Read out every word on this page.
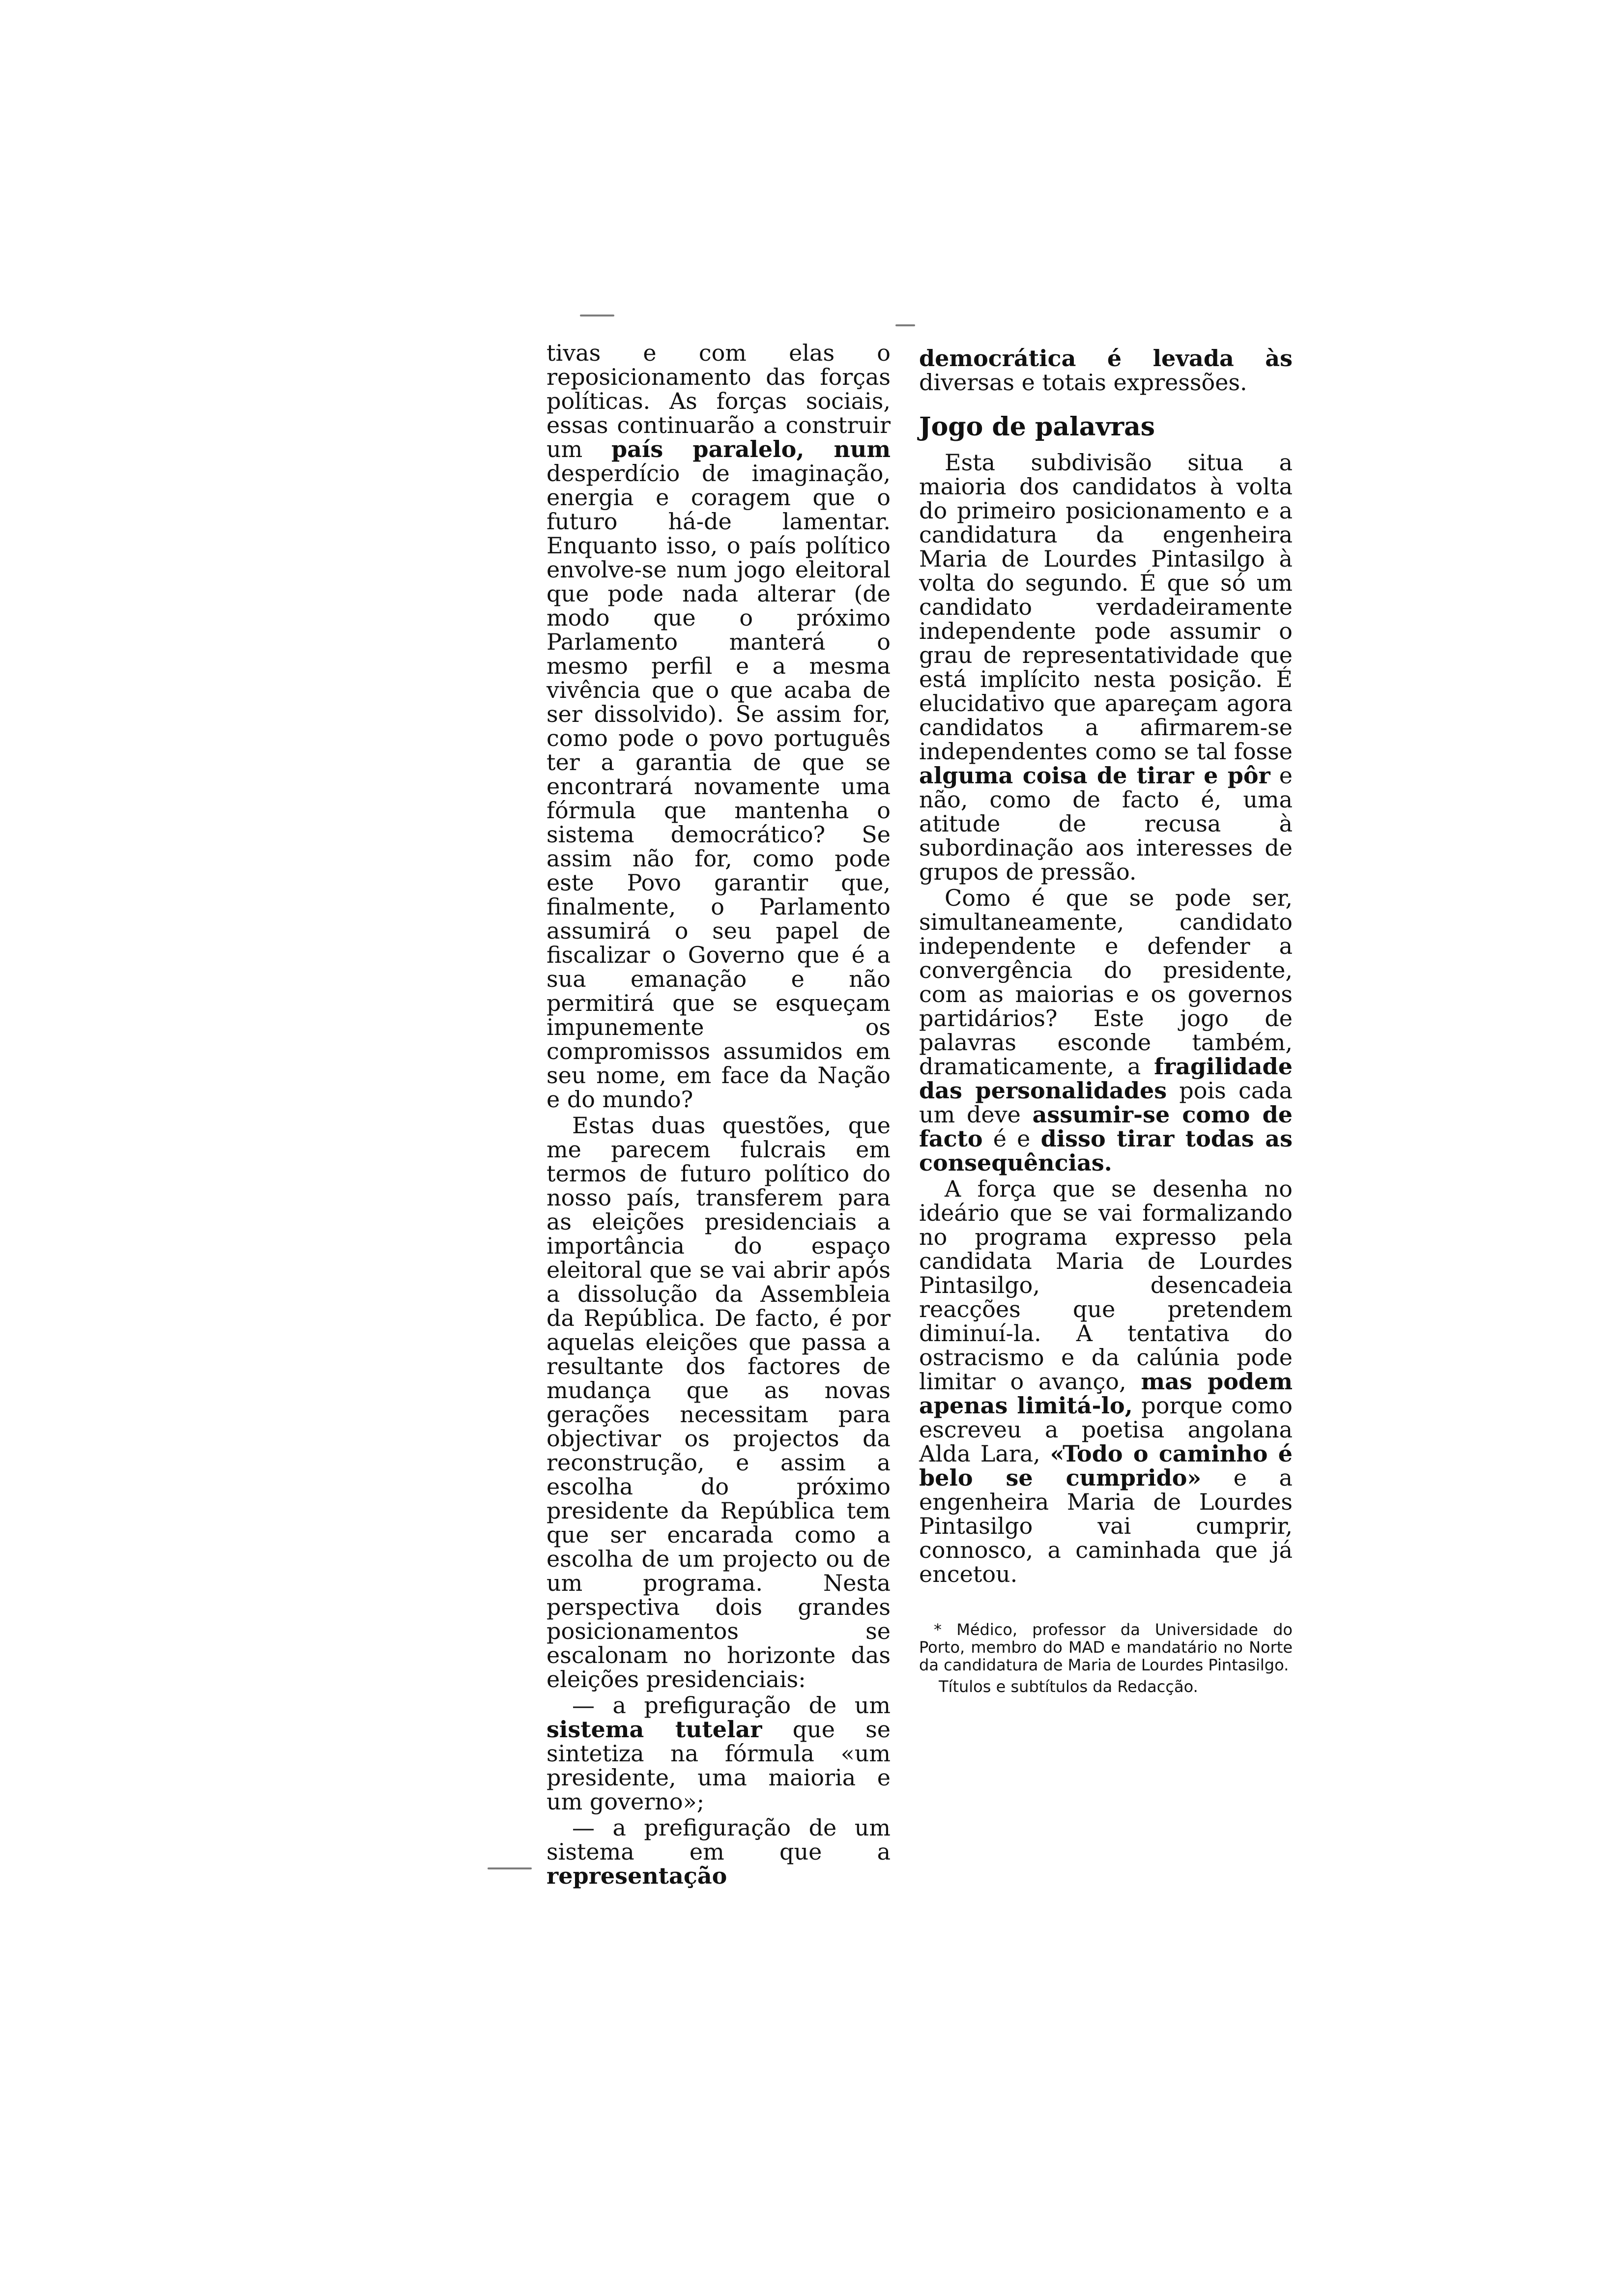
tivas e com elas o reposicionamento das forças políticas. As forças sociais, essas continuarão a construir um país paralelo, num desperdício de imaginação, energia e coragem que o futuro há-de lamentar. Enquanto isso, o país político envolve-se num jogo eleitoral que pode nada alterar (de modo que o próximo Parlamento manterá o mesmo perfil e a mesma vivência que o que acaba de ser dissolvido). Se assim for, como pode o povo português ter a garantia de que se encontrará novamente uma fórmula que mantenha o sistema democrático? Se assim não for, como pode este Povo garantir que, finalmente, o Parlamento assumirá o seu papel de fiscalizar o Governo que é a sua emanação e não permitirá que se esqueçam impunemente os compromissos assumidos em seu nome, em face da Nação e do mundo?

Estas duas questões, que me parecem fulcrais em termos de futuro político do nosso país, transferem para as eleições presidenciais a importância do espaço eleitoral que se vai abrir após a dissolução da Assembleia da República. De facto, é por aquelas eleições que passa a resultante dos factores de mudança que as novas gerações necessitam para objectivar os projectos da reconstrução, e assim a escolha do próximo presidente da República tem que ser encarada como a escolha de um projecto ou de um programa. Nesta perspectiva dois grandes posicionamentos se escalonam no horizonte das eleições presidenciais:

— a prefiguração de um sistema tutelar que se sintetiza na fórmula «um presidente, uma maioria e um governo»;

— a prefiguração de um sistema em que a representação

democrática é levada às diversas e totais expressões.

Jogo de palavras

Esta subdivisão situa a maioria dos candidatos à volta do primeiro posicionamento e a candidatura da engenheira Maria de Lourdes Pintasilgo à volta do segundo. É que só um candidato verdadeiramente independente pode assumir o grau de representatividade que está implícito nesta posição. É elucidativo que apareçam agora candidatos a afirmarem-se independentes como se tal fosse alguma coisa de tirar e pôr e não, como de facto é, uma atitude de recusa à subordinação aos interesses de grupos de pressão.

Como é que se pode ser, simultaneamente, candidato independente e defender a convergência do presidente, com as maiorias e os governos partidários? Este jogo de palavras esconde também, dramaticamente, a fragilidade das personalidades pois cada um deve assumir-se como de facto é e disso tirar todas as consequências.

A força que se desenha no ideário que se vai formalizando no programa expresso pela candidata Maria de Lourdes Pintasilgo, desencadeia reacções que pretendem diminuí-la. A tentativa do ostracismo e da calúnia pode limitar o avanço, mas podem apenas limitá-lo, porque como escreveu a poetisa angolana Alda Lara, «Todo o caminho é belo se cumprido» e a engenheira Maria de Lourdes Pintasilgo vai cumprir, connosco, a caminhada que já encetou.

* Médico, professor da Universidade do Porto, membro do MAD e mandatário no Norte da candidatura de Maria de Lourdes Pintasilgo.

Títulos e subtítulos da Redacção.
